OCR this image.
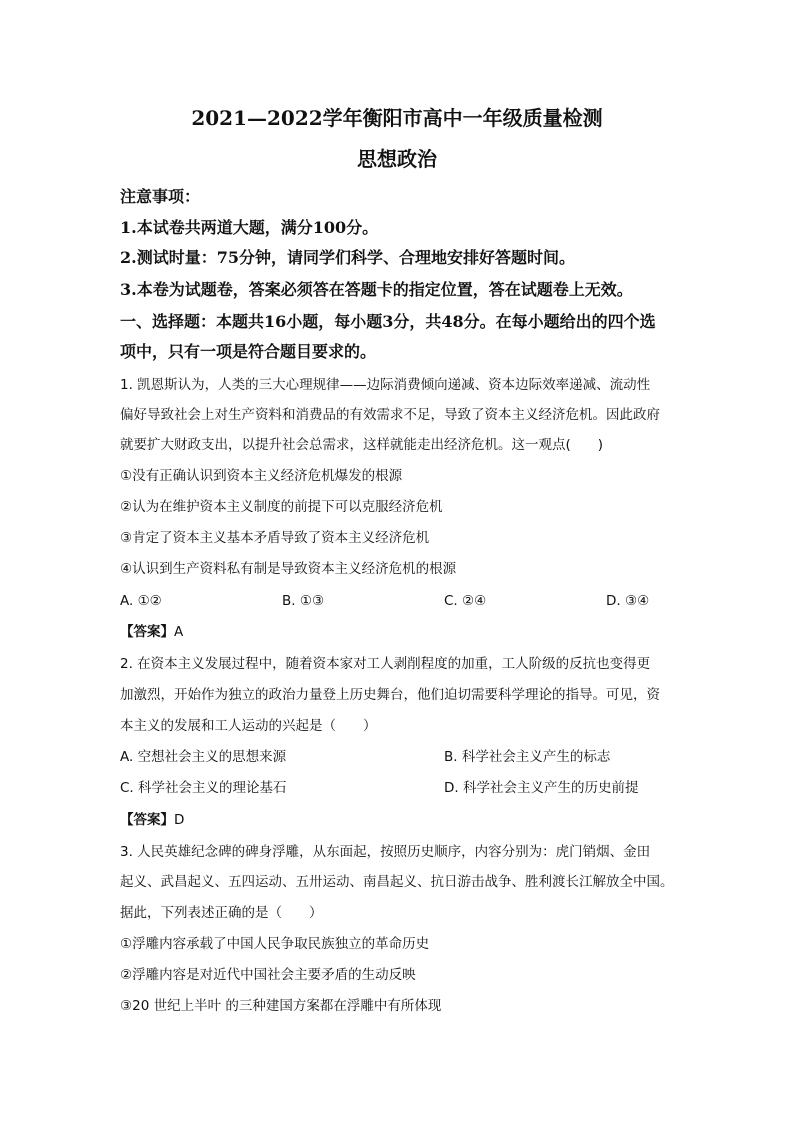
2021—2022学年衡阳市高中一年级质量检测
思想政治
注意事项：
1.本试卷共两道大题，满分100分。
2.测试时量：75分钟，请同学们科学、合理地安排好答题时间。
3.本卷为试题卷，答案必须答在答题卡的指定位置，答在试题卷上无效。
一、选择题：本题共16小题，每小题3分，共48分。在每小题给出的四个选
项中，只有一项是符合题目要求的。
1. 凯恩斯认为，人类的三大心理规律——边际消费倾向递减、资本边际效率递减、流动性
偏好导致社会上对生产资料和消费品的有效需求不足，导致了资本主义经济危机。因此政府
就要扩大财政支出，以提升社会总需求，这样就能走出经济危机。这一观点(　　)
①没有正确认识到资本主义经济危机爆发的根源
②认为在维护资本主义制度的前提下可以克服经济危机
③肯定了资本主义基本矛盾导致了资本主义经济危机
④认识到生产资料私有制是导致资本主义经济危机的根源
A. ①②	B. ①③	C. ②④	D. ③④
【答案】A
2. 在资本主义发展过程中，随着资本家对工人剥削程度的加重，工人阶级的反抗也变得更
加激烈，开始作为独立的政治力量登上历史舞台，他们迫切需要科学理论的指导。可见，资
本主义的发展和工人运动的兴起是（　　）
A. 空想社会主义的思想来源	B. 科学社会主义产生的标志
C. 科学社会主义的理论基石	D. 科学社会主义产生的历史前提
【答案】D
3. 人民英雄纪念碑的碑身浮雕，从东面起，按照历史顺序，内容分别为：虎门销烟、金田
起义、武昌起义、五四运动、五卅运动、南昌起义、抗日游击战争、胜利渡长江解放全中国。
据此，下列表述正确的是（　　）
①浮雕内容承载了中国人民争取民族独立的革命历史
②浮雕内容是对近代中国社会主要矛盾的生动反映
③20 世纪上半叶 的三种建国方案都在浮雕中有所体现
